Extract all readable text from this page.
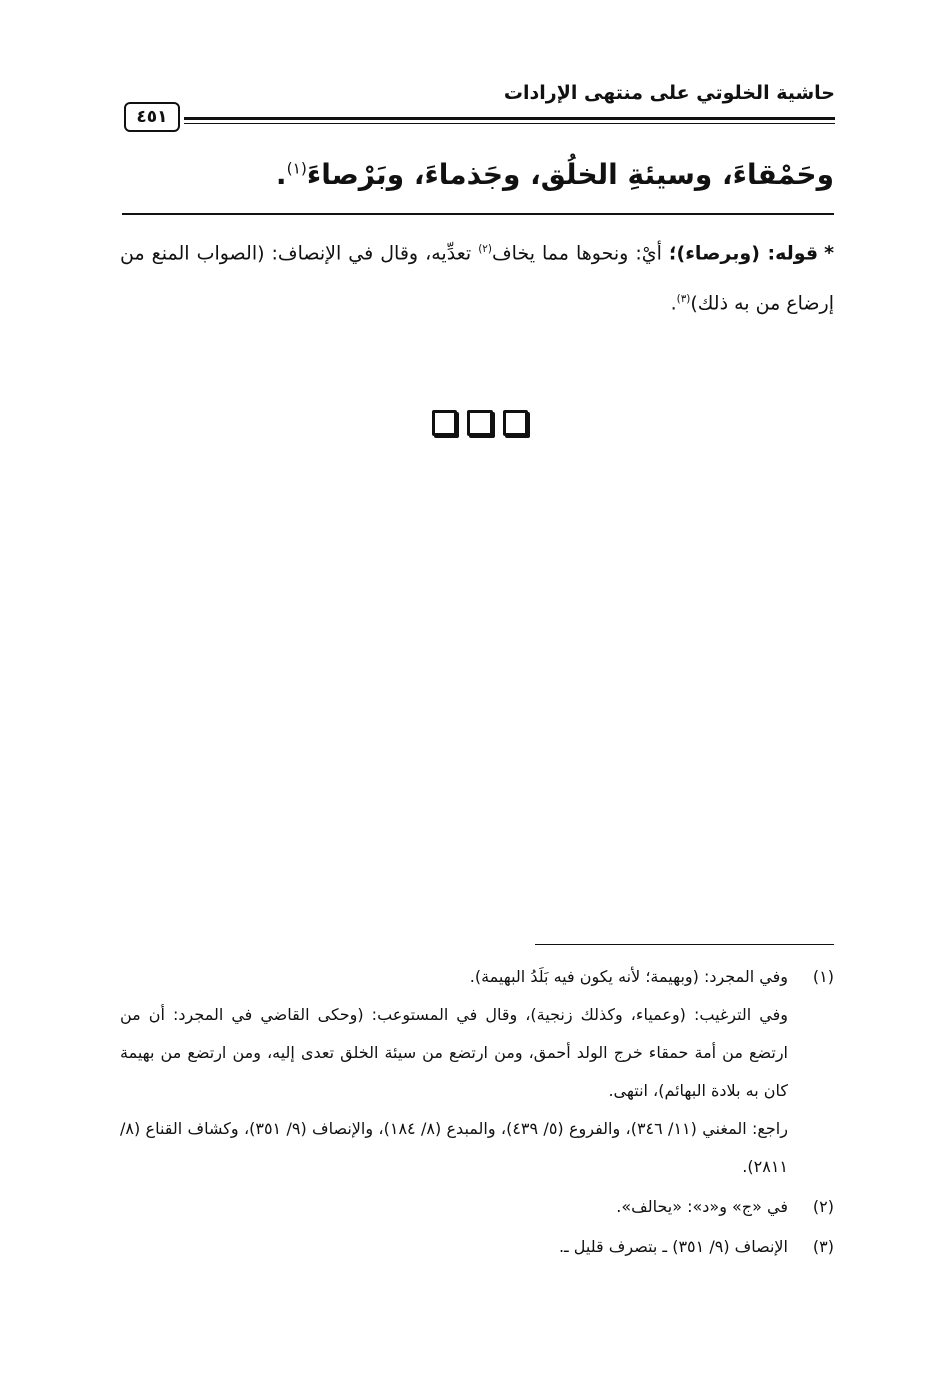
حاشية الخلوتي على منتهى الإرادات
٤٥١
وحَمْقاءَ، وسيئةِ الخلُق، وجَذماءَ، وبَرْصاءَ$^{(١)}$.
*قوله: (وبرصاء)؛ أيْ: ونحوها مما يخاف$^{(٢)}$ تعدِّيه، وقال في الإنصاف: (الصواب المنع من إرضاع من به ذلك)$^{(٣)}$.
(١)
وفي المجرد: (وبهيمة؛ لأنه يكون فيه بَلَدُ البهيمة).
وفي الترغيب: (وعمياء، وكذلك زنجية)، وقال في المستوعب: (وحكى القاضي في المجرد: أن من ارتضع من أمة حمقاء خرج الولد أحمق، ومن ارتضع من سيئة الخلق تعدى إليه، ومن ارتضع من بهيمة كان به بلادة البهائم)، انتهى.
راجع: المغني (١١/ ٣٤٦)، والفروع (٥/ ٤٣٩)، والمبدع (٨/ ١٨٤)، والإنصاف (٩/ ٣٥١)، وكشاف القناع (٨/ ٢٨١١).
(٢)
في «ج» و«د»: «يحالف».
(٣)
الإنصاف (٩/ ٣٥١) ـ بتصرف قليل ـ.
